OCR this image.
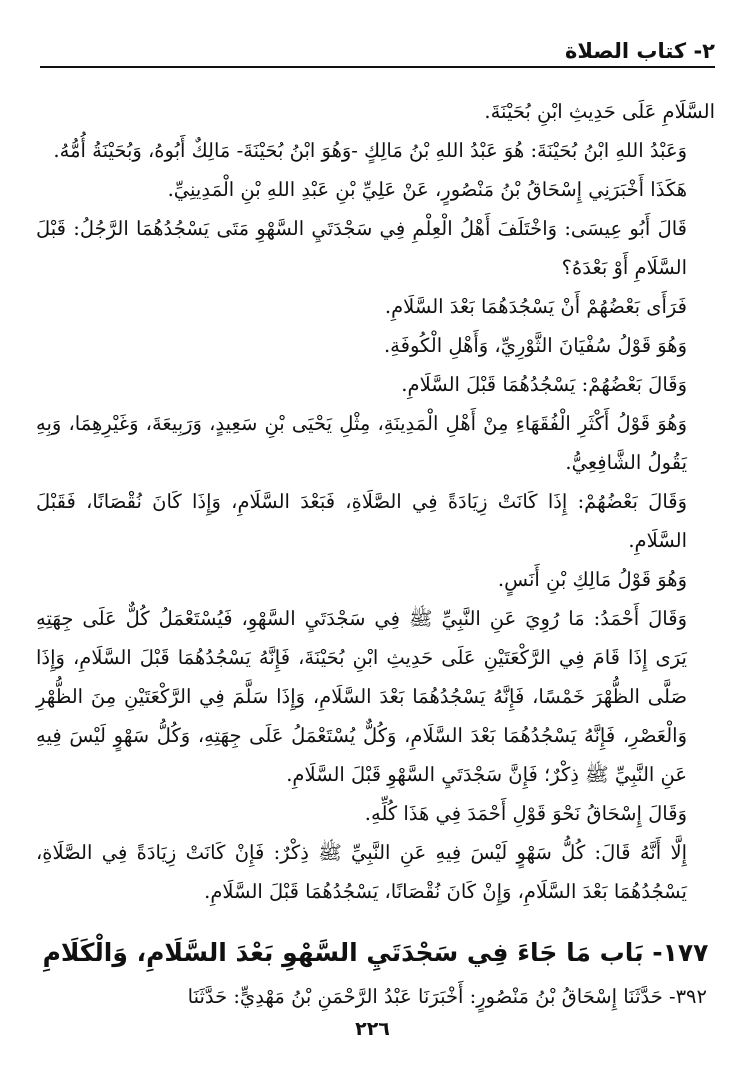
٢- كتاب الصلاة

السَّلَامِ عَلَى حَدِيثِ ابْنِ بُحَيْنَةَ.

وَعَبْدُ اللهِ ابْنُ بُحَيْنَةَ: هُوَ عَبْدُ اللهِ بْنُ مَالِكٍ -وَهُوَ ابْنُ بُحَيْنَةَ- مَالِكٌ أَبُوهُ، وَبُحَيْنَةُ أُمُّهُ.

هَكَذَا أَخْبَرَنِي إِسْحَاقُ بْنُ مَنْصُورٍ، عَنْ عَلِيِّ بْنِ عَبْدِ اللهِ بْنِ الْمَدِينِيِّ.

قَالَ أَبُو عِيسَى: وَاخْتَلَفَ أَهْلُ الْعِلْمِ فِي سَجْدَتَيِ السَّهْوِ مَتَى يَسْجُدُهُمَا الرَّجُلُ: قَبْلَ السَّلَامِ أَوْ بَعْدَهُ؟

فَرَأَى بَعْضُهُمْ أَنْ يَسْجُدَهُمَا بَعْدَ السَّلَامِ.

وَهُوَ قَوْلُ سُفْيَانَ الثَّوْرِيِّ، وَأَهْلِ الْكُوفَةِ.

وَقَالَ بَعْضُهُمْ: يَسْجُدُهُمَا قَبْلَ السَّلَامِ.

وَهُوَ قَوْلُ أَكْثَرِ الْفُقَهَاءِ مِنْ أَهْلِ الْمَدِينَةِ، مِثْلِ يَحْيَى بْنِ سَعِيدٍ، وَرَبِيعَةَ، وَغَيْرِهِمَا، وَبِهِ يَقُولُ الشَّافِعِيُّ.

وَقَالَ بَعْضُهُمْ: إِذَا كَانَتْ زِيَادَةً فِي الصَّلَاةِ، فَبَعْدَ السَّلَامِ، وَإِذَا كَانَ نُقْصَانًا، فَقَبْلَ السَّلَامِ.

وَهُوَ قَوْلُ مَالِكِ بْنِ أَنَسٍ.

وَقَالَ أَحْمَدُ: مَا رُوِيَ عَنِ النَّبِيِّ ﷺ فِي سَجْدَتَيِ السَّهْوِ، فَيُسْتَعْمَلُ كُلٌّ عَلَى جِهَتِهِ يَرَى إِذَا قَامَ فِي الرَّكْعَتَيْنِ عَلَى حَدِيثِ ابْنِ بُحَيْنَةَ، فَإِنَّهُ يَسْجُدُهُمَا قَبْلَ السَّلَامِ، وَإِذَا صَلَّى الظُّهْرَ خَمْسًا، فَإِنَّهُ يَسْجُدُهُمَا بَعْدَ السَّلَامِ، وَإِذَا سَلَّمَ فِي الرَّكْعَتَيْنِ مِنَ الظُّهْرِ وَالْعَصْرِ، فَإِنَّهُ يَسْجُدُهُمَا بَعْدَ السَّلَامِ، وَكُلٌّ يُسْتَعْمَلُ عَلَى جِهَتِهِ، وَكُلُّ سَهْوٍ لَيْسَ فِيهِ عَنِ النَّبِيِّ ﷺ ذِكْرٌ؛ فَإِنَّ سَجْدَتَيِ السَّهْوِ قَبْلَ السَّلَامِ.

وَقَالَ إِسْحَاقُ نَحْوَ قَوْلِ أَحْمَدَ فِي هَذَا كُلِّهِ.

إِلَّا أَنَّهُ قَالَ: كُلُّ سَهْوٍ لَيْسَ فِيهِ عَنِ النَّبِيِّ ﷺ ذِكْرٌ: فَإِنْ كَانَتْ زِيَادَةً فِي الصَّلَاةِ، يَسْجُدُهُمَا بَعْدَ السَّلَامِ، وَإِنْ كَانَ نُقْصَانًا، يَسْجُدُهُمَا قَبْلَ السَّلَامِ.

١٧٧- بَاب مَا جَاءَ فِي سَجْدَتَيِ السَّهْوِ بَعْدَ السَّلَامِ، وَالْكَلَامِ
٣٩٢- حَدَّثَنَا إِسْحَاقُ بْنُ مَنْصُورٍ: أَخْبَرَنَا عَبْدُ الرَّحْمَنِ بْنُ مَهْدِيٍّ: حَدَّثَنَا
٢٢٦
